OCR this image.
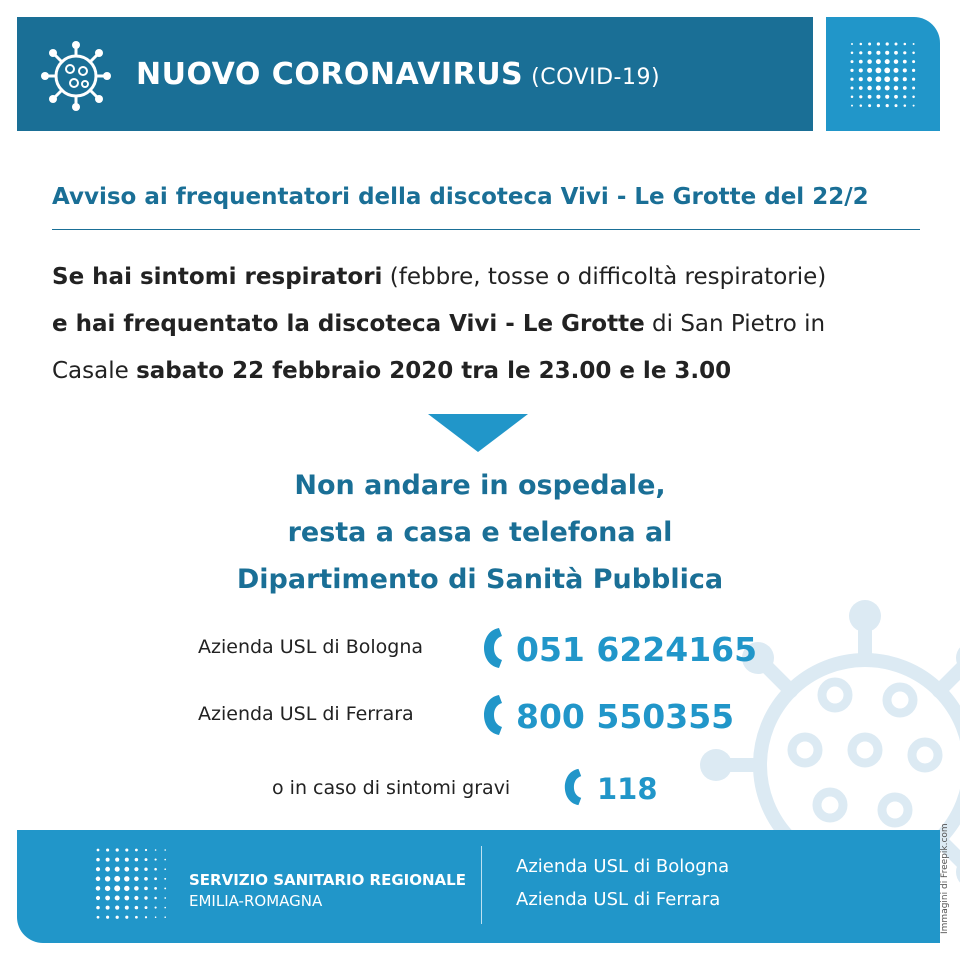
NUOVO CORONAVIRUS (COVID-19)
Avviso ai frequentatori della discoteca Vivi - Le Grotte del 22/2
Se hai sintomi respiratori (febbre, tosse o difficoltà respiratorie)
e hai frequentato la discoteca Vivi - Le Grotte di San Pietro in
Casale sabato 22 febbraio 2020 tra le 23.00 e le 3.00
Non andare in ospedale,
resta a casa e telefona al
Dipartimento di Sanità Pubblica
Azienda USL di Bologna	051 6224165
Azienda USL di Ferrara	800 550355
o in caso di sintomi gravi	118
SERVIZIO SANITARIO REGIONALE
EMILIA-ROMAGNA
Azienda USL di Bologna
Azienda USL di Ferrara	Immagini di Freepik.com
